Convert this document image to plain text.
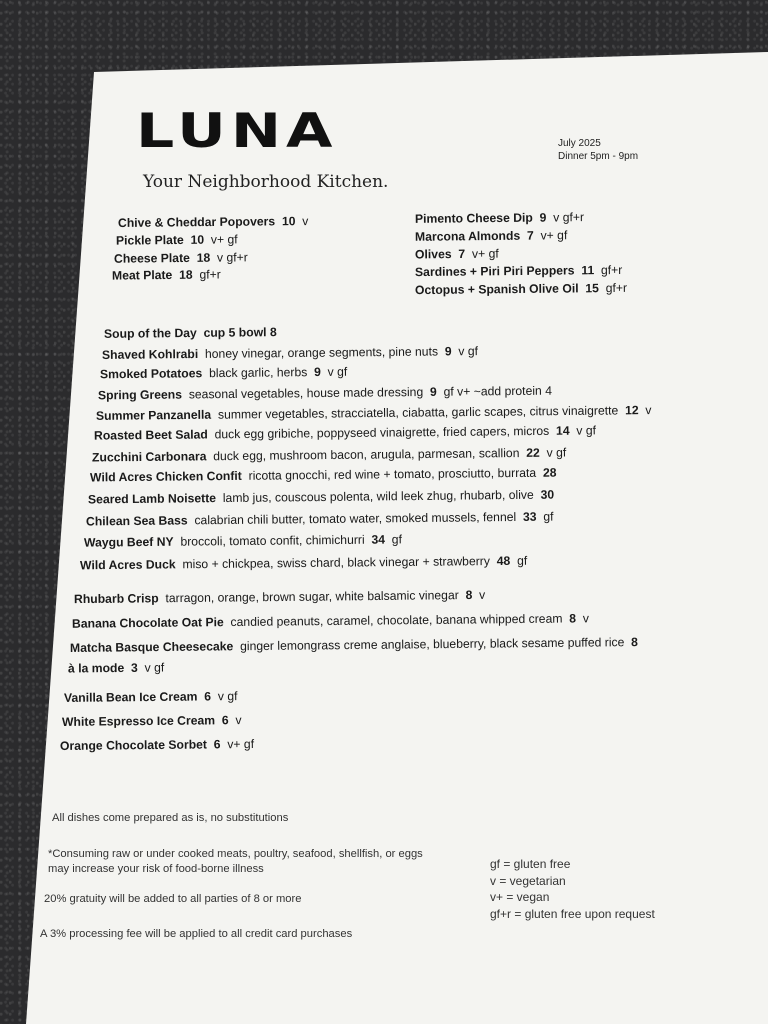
LUNA
Your Neighborhood Kitchen.
July 2025
Dinner 5pm - 9pm
Chive & Cheddar Popovers 10 v
Pickle Plate 10 v+ gf
Cheese Plate 18 v gf+r
Meat Plate 18 gf+r
Pimento Cheese Dip 9 v gf+r
Marcona Almonds 7 v+ gf
Olives 7 v+ gf
Sardines + Piri Piri Peppers 11 gf+r
Octopus + Spanish Olive Oil 15 gf+r
Soup of the Day cup 5 bowl 8
Shaved Kohlrabi honey vinegar, orange segments, pine nuts 9 v gf
Smoked Potatoes black garlic, herbs 9 v gf
Spring Greens seasonal vegetables, house made dressing 9 gf v+ ~add protein 4
Summer Panzanella summer vegetables, stracciatella, ciabatta, garlic scapes, citrus vinaigrette 12 v
Roasted Beet Salad duck egg gribiche, poppyseed vinaigrette, fried capers, micros 14 v gf
Zucchini Carbonara duck egg, mushroom bacon, arugula, parmesan, scallion 22 v gf
Wild Acres Chicken Confit ricotta gnocchi, red wine + tomato, prosciutto, burrata 28
Seared Lamb Noisette lamb jus, couscous polenta, wild leek zhug, rhubarb, olive 30
Chilean Sea Bass calabrian chili butter, tomato water, smoked mussels, fennel 33 gf
Waygu Beef NY broccoli, tomato confit, chimichurri 34 gf
Wild Acres Duck miso + chickpea, swiss chard, black vinegar + strawberry 48 gf
Rhubarb Crisp tarragon, orange, brown sugar, white balsamic vinegar 8 v
Banana Chocolate Oat Pie candied peanuts, caramel, chocolate, banana whipped cream 8 v
Matcha Basque Cheesecake ginger lemongrass creme anglaise, blueberry, black sesame puffed rice 8
à la mode 3 v gf
Vanilla Bean Ice Cream 6 v gf
White Espresso Ice Cream 6 v
Orange Chocolate Sorbet 6 v+ gf
All dishes come prepared as is, no substitutions
*Consuming raw or under cooked meats, poultry, seafood, shellfish, or eggs may increase your risk of food-borne illness
20% gratuity will be added to all parties of 8 or more
A 3% processing fee will be applied to all credit card purchases
gf = gluten free
v = vegetarian
v+ = vegan
gf+r = gluten free upon request
